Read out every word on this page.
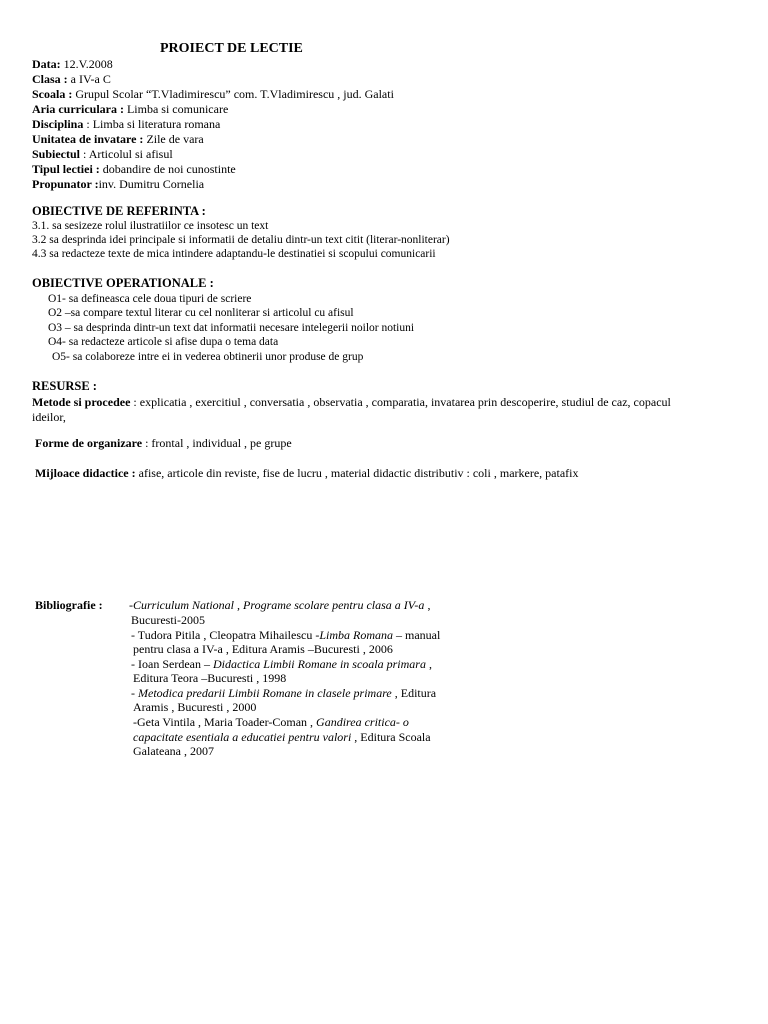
PROIECT DE LECTIE
Data: 12.V.2008
Clasa : a IV-a C
Scoala : Grupul Scolar “T.Vladimirescu” com. T.Vladimirescu , jud. Galati
Aria curriculara : Limba si comunicare
Disciplina : Limba si literatura romana
Unitatea de invatare : Zile de vara
Subiectul : Articolul si afisul
Tipul lectiei : dobandire de noi cunostinte
Propunator :inv. Dumitru Cornelia
OBIECTIVE DE REFERINTA :
3.1. sa sesizeze rolul ilustratiilor ce insotesc un text
3.2 sa desprinda idei principale si informatii de detaliu dintr-un text citit (literar-nonliterar)
4.3 sa redacteze texte de mica intindere adaptandu-le destinatiei si scopului comunicarii
OBIECTIVE OPERATIONALE :
O1- sa defineasca cele doua tipuri de scriere
O2 –sa compare textul literar cu cel nonliterar si articolul cu afisul
O3 – sa desprinda dintr-un text dat informatii necesare intelegerii noilor notiuni
O4- sa redacteze articole si afise dupa o tema data
O5- sa colaboreze intre ei in vederea obtinerii unor produse de grup
RESURSE :
Metode si procedee : explicatia , exercitiul , conversatia , observatia , comparatia, invatarea prin descoperire, studiul de caz, copacul
ideilor,
Forme de organizare : frontal , individual , pe grupe
Mijloace didactice : afise, articole din reviste, fise de lucru , material didactic distributiv : coli , markere, patafix
Bibliografie : -Curriculum National , Programe scolare pentru clasa a IV-a ,
Bucuresti-2005
- Tudora Pitila , Cleopatra Mihailescu -Limba Romana – manual
pentru clasa a IV-a , Editura Aramis –Bucuresti , 2006
- Ioan Serdean – Didactica Limbii Romane in scoala primara ,
Editura Teora –Bucuresti , 1998
- Metodica predarii Limbii Romane in clasele primare , Editura
Aramis , Bucuresti , 2000
-Geta Vintila , Maria Toader-Coman , Gandirea critica- o
capacitate esentiala a educatiei pentru valori , Editura Scoala
Galateana , 2007
